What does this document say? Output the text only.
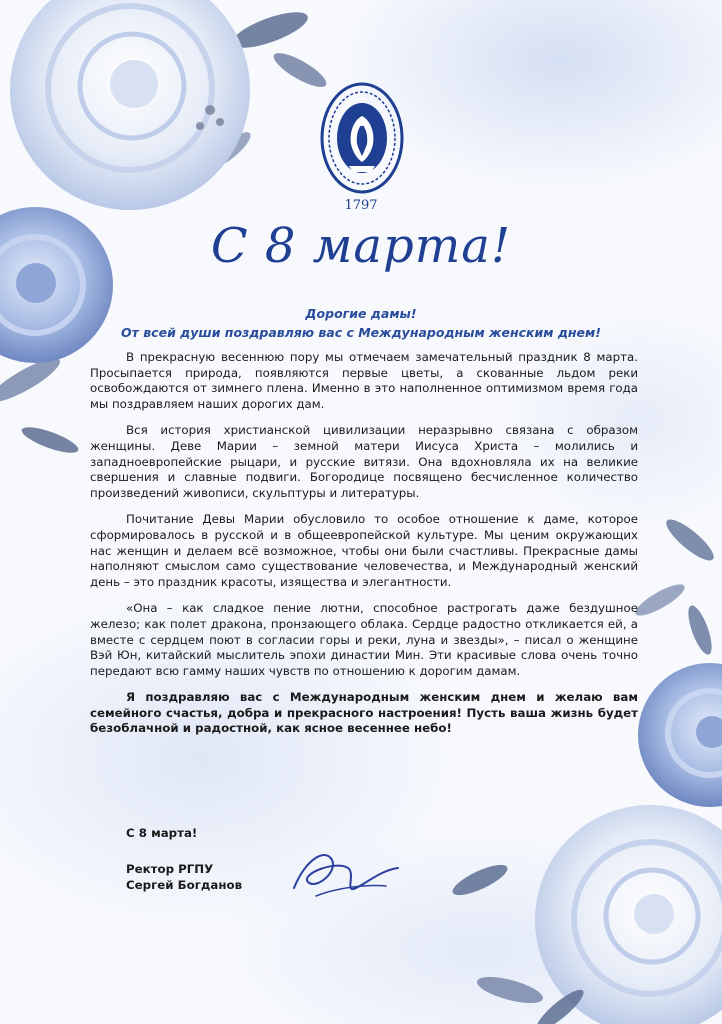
1797
С 8 марта!
Дорогие дамы!
От всей души поздравляю вас с Международным женским днем!

В прекрасную весеннюю пору мы отмечаем замечательный праздник 8 марта. Просыпается природа, появляются первые цветы, а скованные льдом реки освобождаются от зимнего плена. Именно в это наполненное оптимизмом время года мы поздравляем наших дорогих дам.

Вся история христианской цивилизации неразрывно связана с образом женщины. Деве Марии – земной матери Иисуса Христа – молились и западноевропейские рыцари, и русские витязи. Она вдохновляла их на великие свершения и славные подвиги. Богородице посвящено бесчисленное количество произведений живописи, скульптуры и литературы.

Почитание Девы Марии обусловило то особое отношение к даме, которое сформировалось в русской и в общеевропейской культуре. Мы ценим окружающих нас женщин и делаем всё возможное, чтобы они были счастливы. Прекрасные дамы наполняют смыслом само существование человечества, и Международный женский день – это праздник красоты, изящества и элегантности.

«Она – как сладкое пение лютни, способное растрогать даже бездушное железо; как полет дракона, пронзающего облака. Сердце радостно откликается ей, а вместе с сердцем поют в согласии горы и реки, луна и звезды», – писал о женщине Вэй Юн, китайский мыслитель эпохи династии Мин. Эти красивые слова очень точно передают всю гамму наших чувств по отношению к дорогим дамам.

Я поздравляю вас с Международным женским днем и желаю вам семейного счастья, добра и прекрасного настроения! Пусть ваша жизнь будет безоблачной и радостной, как ясное весеннее небо!

С 8 марта!
Ректор РГПУ
Сергей Богданов
